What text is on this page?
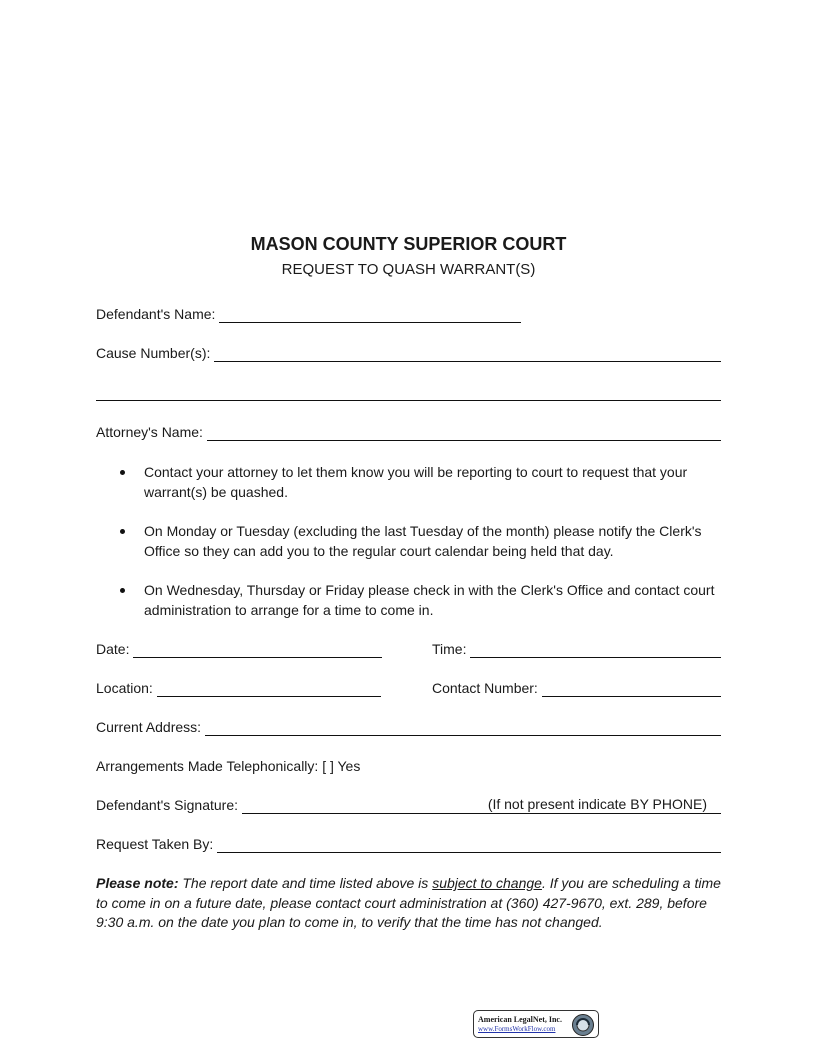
MASON COUNTY SUPERIOR COURT
REQUEST TO QUASH WARRANT(S)
Defendant's Name:
Cause Number(s):
Attorney's Name:
Contact your attorney to let them know you will be reporting to court to request that your warrant(s) be quashed.
On Monday or Tuesday (excluding the last Tuesday of the month) please notify the Clerk's Office so they can add you to the regular court calendar being held that day.
On Wednesday, Thursday or Friday please check in with the Clerk's Office and contact court administration to arrange for a time to come in.
Date:	Time:
Location:	Contact Number:
Current Address:
Arrangements Made Telephonically: [ ] Yes
Defendant's Signature:	(If not present indicate BY PHONE)
Request Taken By:
Please note: The report date and time listed above is subject to change. If you are scheduling a time to come in on a future date, please contact court administration at (360) 427-9670, ext. 289, before 9:30 a.m. on the date you plan to come in, to verify that the time has not changed.
American LegalNet, Inc.
www.FormsWorkFlow.com
